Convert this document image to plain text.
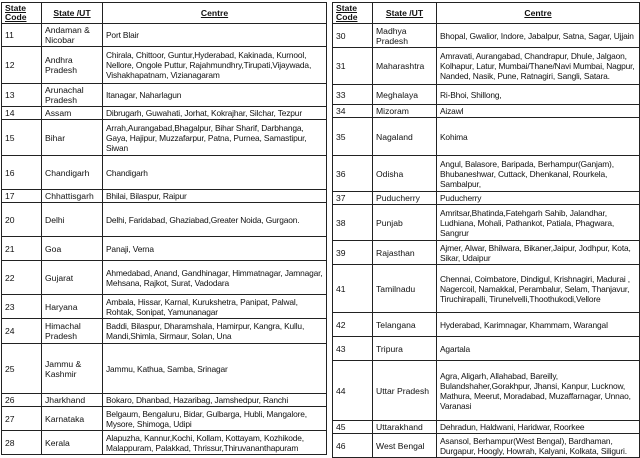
State
Code	State /UT	Centre
11	Andaman & Nicobar	Port Blair
12	Andhra Pradesh	Chirala, Chittoor, Guntur,Hyderabad, Kakinada, Kurnool, Nellore, Ongole Puttur, Rajahmundhry,Tirupati,Vijaywada, Vishakhapatnam, Vizianagaram
13	Arunachal Pradesh	Itanagar, Naharlagun
14	Assam	Dibrugarh, Guwahati, Jorhat, Kokrajhar, Silchar, Tezpur
15	Bihar	Arrah,Aurangabad,Bhagalpur, Bihar Sharif, Darbhanga, Gaya, Hajipur, Muzzafarpur, Patna, Purnea, Samastipur, Siwan
16	Chandigarh	Chandigarh
17	Chhattisgarh	Bhilai, Bilaspur, Raipur
20	Delhi	Delhi, Faridabad, Ghaziabad,Greater Noida, Gurgaon.
21	Goa	Panaji, Verna
22	Gujarat	Ahmedabad, Anand, Gandhinagar, Himmatnagar, Jamnagar, Mehsana, Rajkot, Surat, Vadodara
23	Haryana	Ambala, Hissar, Karnal, Kurukshetra, Panipat, Palwal, Rohtak, Sonipat, Yamunanagar
24	Himachal Pradesh	Baddi, Bilaspur, Dharamshala, Hamirpur, Kangra, Kullu, Mandi,Shimla, Sirmaur, Solan, Una
25	Jammu & Kashmir	Jammu, Kathua, Samba, Srinagar
26	Jharkhand	Bokaro, Dhanbad, Hazaribag, Jamshedpur, Ranchi
27	Karnataka	Belgaum, Bengaluru, Bidar, Gulbarga, Hubli, Mangalore, Mysore, Shimoga, Udipi
28	Kerala	Alapuzha, Kannur,Kochi, Kollam, Kottayam, Kozhikode, Malappuram, Palakkad, Thrissur,Thiruvananthapuram
State
Code	State /UT	Centre
30	Madhya Pradesh	Bhopal, Gwalior, Indore, Jabalpur, Satna, Sagar, Ujjain
31	Maharashtra	Amravati, Aurangabad, Chandrapur, Dhule, Jalgaon, Kolhapur, Latur, Mumbai/Thane/Navi Mumbai, Nagpur, Nanded, Nasik, Pune, Ratnagiri, Sangli, Satara.
33	Meghalaya	Ri-Bhoi, Shillong,
34	Mizoram	Aizawl
35	Nagaland	Kohima
36	Odisha	Angul, Balasore, Baripada, Berhampur(Ganjam), Bhubaneshwar, Cuttack, Dhenkanal, Rourkela, Sambalpur,
37	Puducherry	Puducherry
38	Punjab	Amritsar,Bhatinda,Fatehgarh Sahib, Jalandhar, Ludhiana, Mohali, Pathankot, Patiala, Phagwara, Sangrur
39	Rajasthan	Ajmer, Alwar, Bhilwara, Bikaner,Jaipur, Jodhpur, Kota, Sikar, Udaipur
41	Tamilnadu	Chennai, Coimbatore, Dindigul, Krishnagiri, Madurai , Nagercoil, Namakkal, Perambalur, Selam, Thanjavur, Tiruchirapalli, Tirunelvelli,Thoothukodi,Vellore
42	Telangana	Hyderabad, Karimnagar, Khammam, Warangal
43	Tripura	Agartala
44	Uttar Pradesh	Agra, Aligarh, Allahabad, Bareilly, Bulandshaher,Gorakhpur, Jhansi, Kanpur, Lucknow, Mathura, Meerut, Moradabad, Muzaffarnagar, Unnao, Varanasi
45	Uttarakhand	Dehradun, Haldwani, Haridwar, Roorkee
46	West Bengal	Asansol, Berhampur(West Bengal), Bardhaman, Durgapur, Hoogly, Howrah, Kalyani, Kolkata, Siliguri.
